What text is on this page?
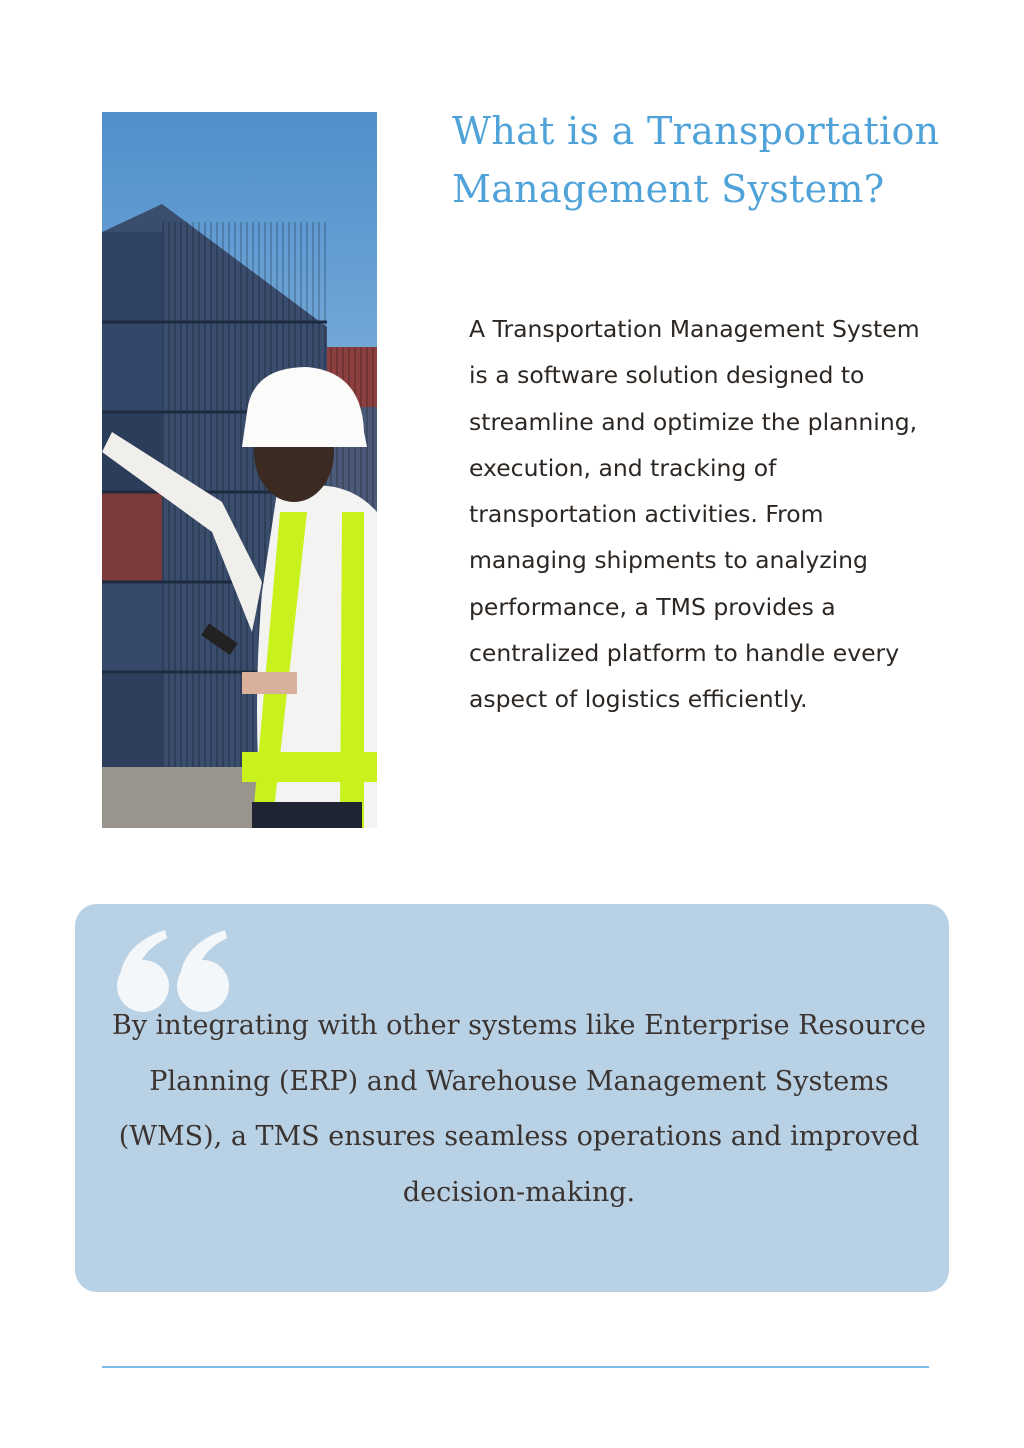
What is a Transportation
Management System?

A Transportation Management System is a software solution designed to streamline and optimize the planning, execution, and tracking of transportation activities. From managing shipments to analyzing performance, a TMS provides a centralized platform to handle every aspect of logistics efficiently.

By integrating with other systems like Enterprise Resource Planning (ERP) and Warehouse Management Systems (WMS), a TMS ensures seamless operations and improved decision-making.
